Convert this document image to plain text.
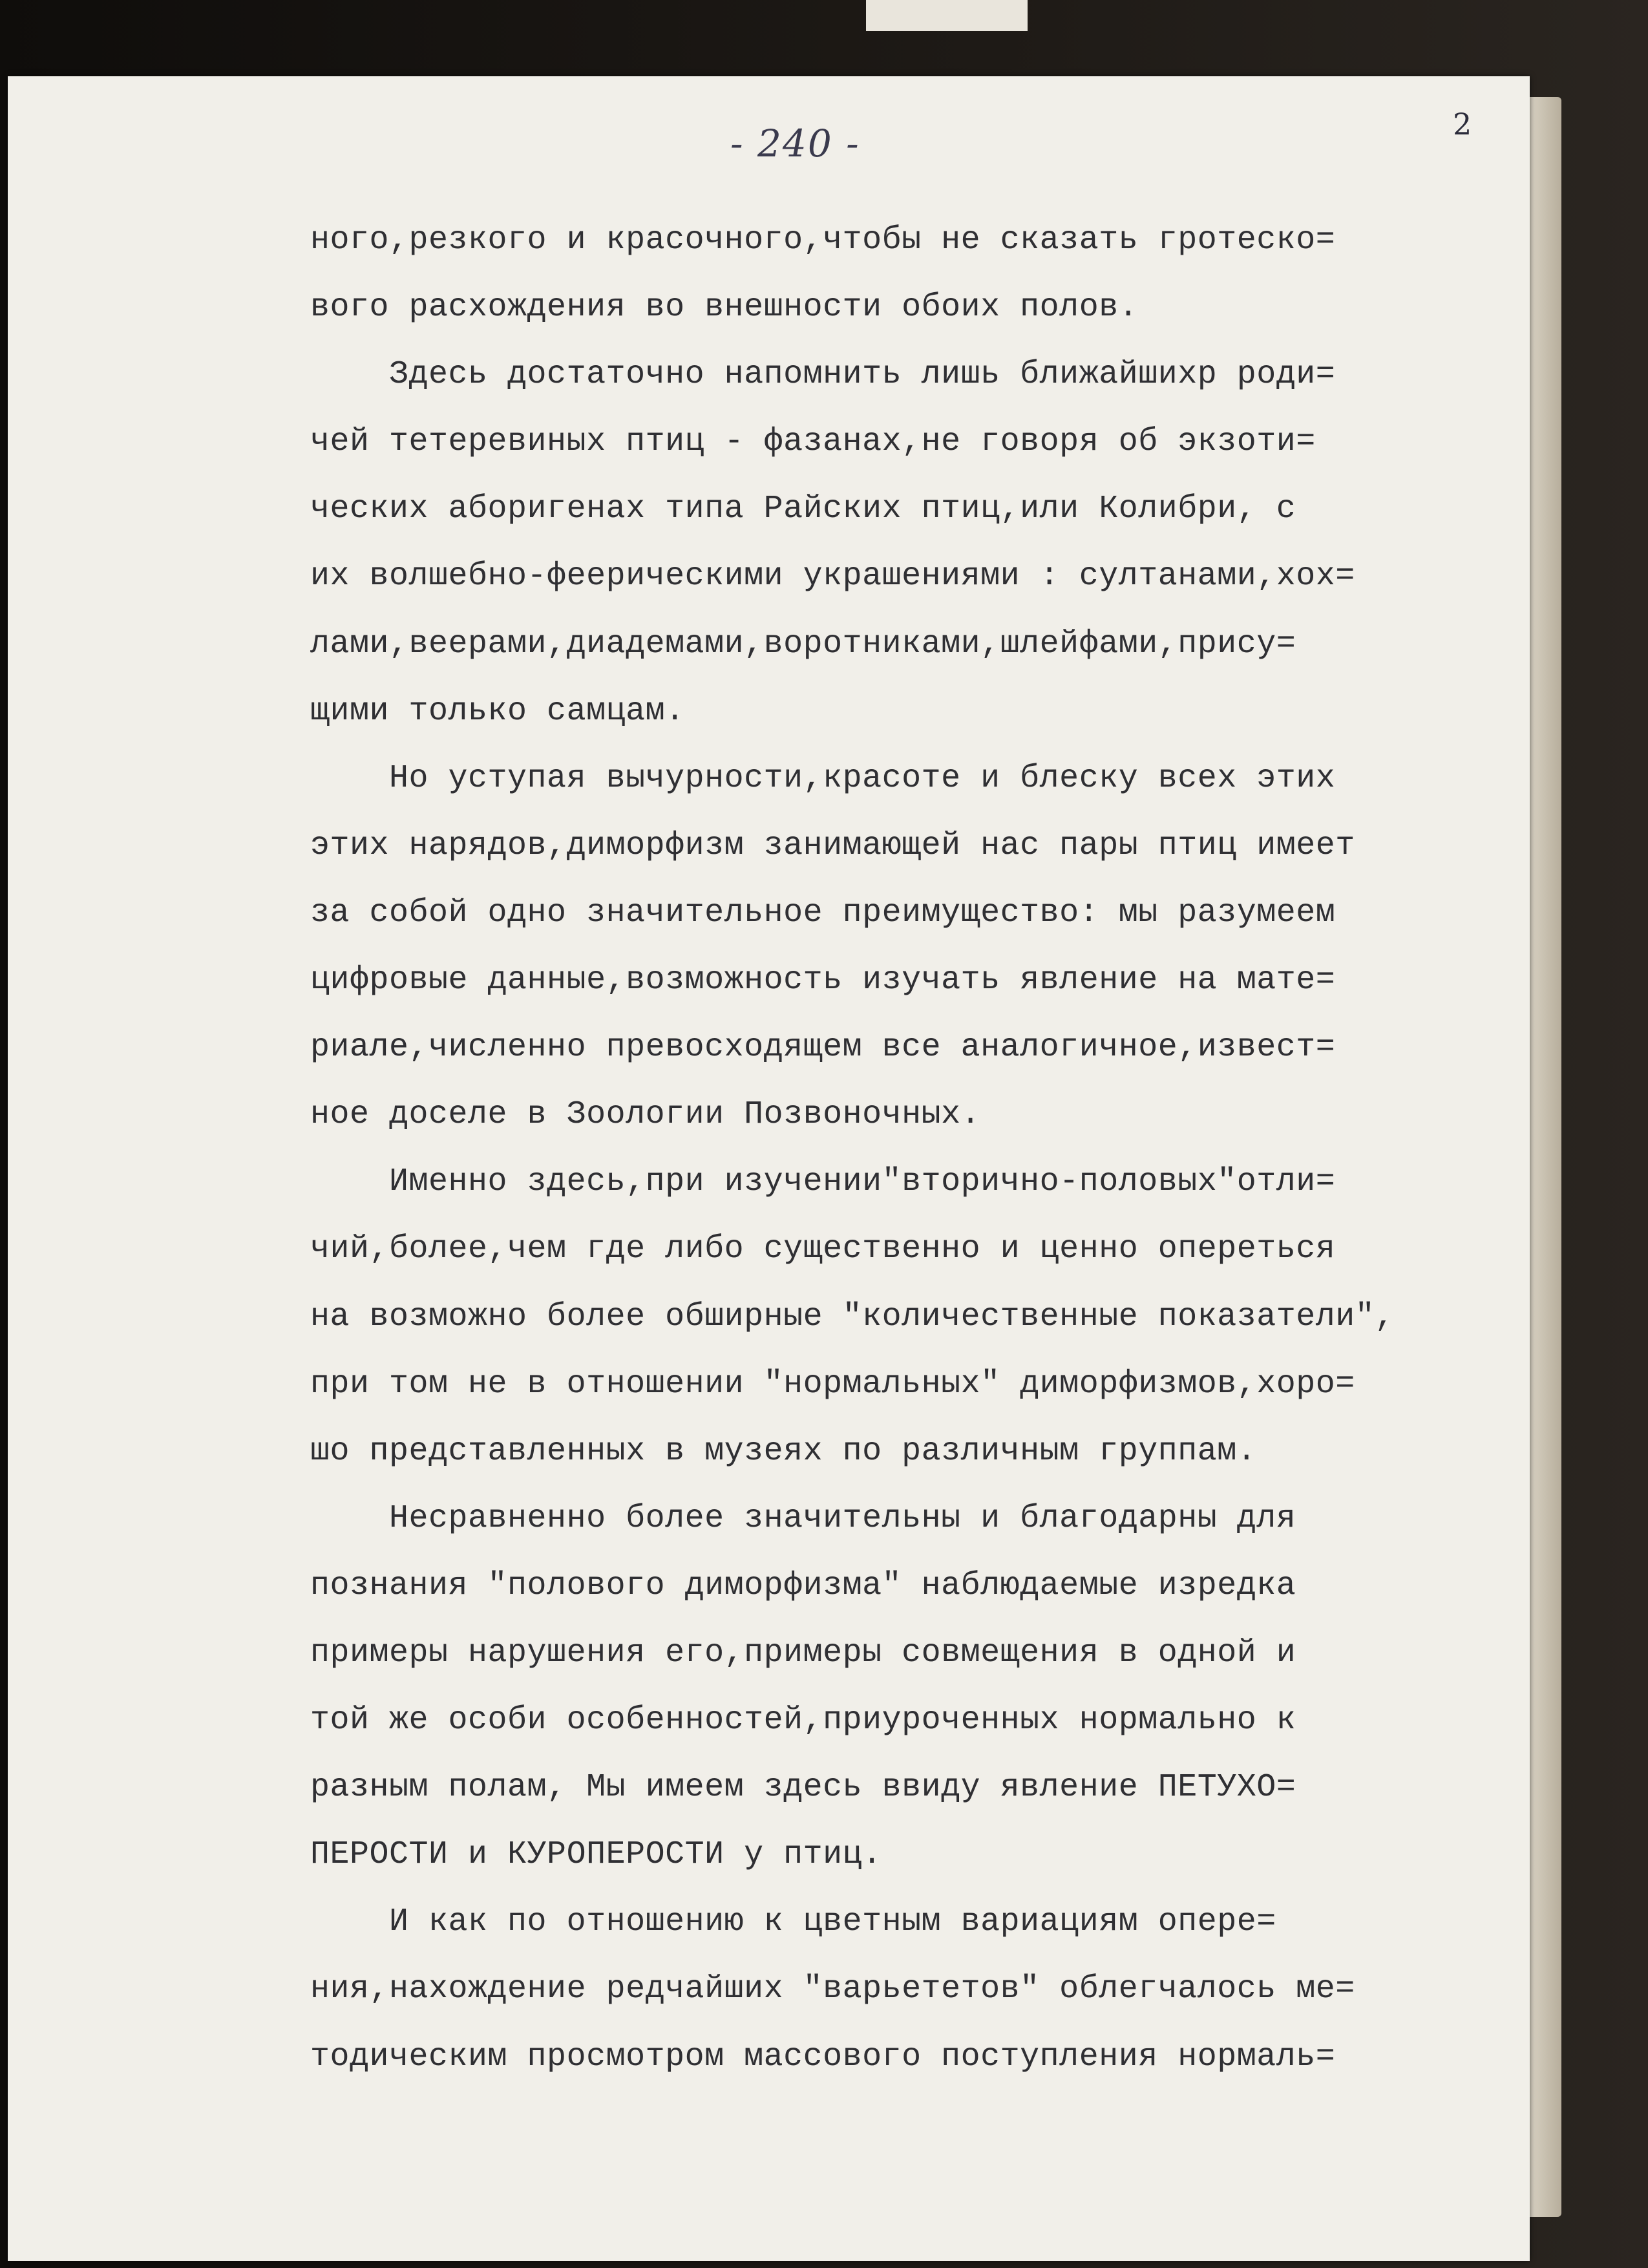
2
- 240 -
ного,резкого и красочного,чтобы не сказать гротеско=
вого расхождения во внешности обоих полов.
Здесь достаточно напомнить лишь ближайшихр роди=
чей тетеревиных птиц - фазанах,не говоря об экзоти=
ческих аборигенах типа Райских птиц,или Колибри, с
их волшебно-феерическими украшениями : султанами,хох=
лами,веерами,диадемами,воротниками,шлейфами,прису=
щими только самцам.
Но уступая вычурности,красоте и блеску всех этих
этих нарядов,диморфизм занимающей нас пары птиц имеет
за собой одно значительное преимущество: мы разумеем
цифровые данные,возможность изучать явление на мате=
риале,численно превосходящем все аналогичное,извест=
ное доселе в Зоологии Позвоночных.
Именно здесь,при изучении"вторично-половых"отли=
чий,более,чем где либо существенно и ценно опереться
на возможно более обширные "количественные показатели",
при том не в отношении "нормальных" диморфизмов,хоро=
шо представленных в музеях по различным группам.
Несравненно более значительны и благодарны для
познания "полового диморфизма" наблюдаемые изредка
примеры нарушения его,примеры совмещения в одной и
той же особи особенностей,приуроченных нормально к
разным полам, Мы имеем здесь ввиду явление ПЕТУХО=
ПЕРОСТИ и КУРОПЕРОСТИ у птиц.
И как по отношению к цветным вариациям опере=
ния,нахождение редчайших "варьететов" облегчалось ме=
тодическим просмотром массового поступления нормаль=
